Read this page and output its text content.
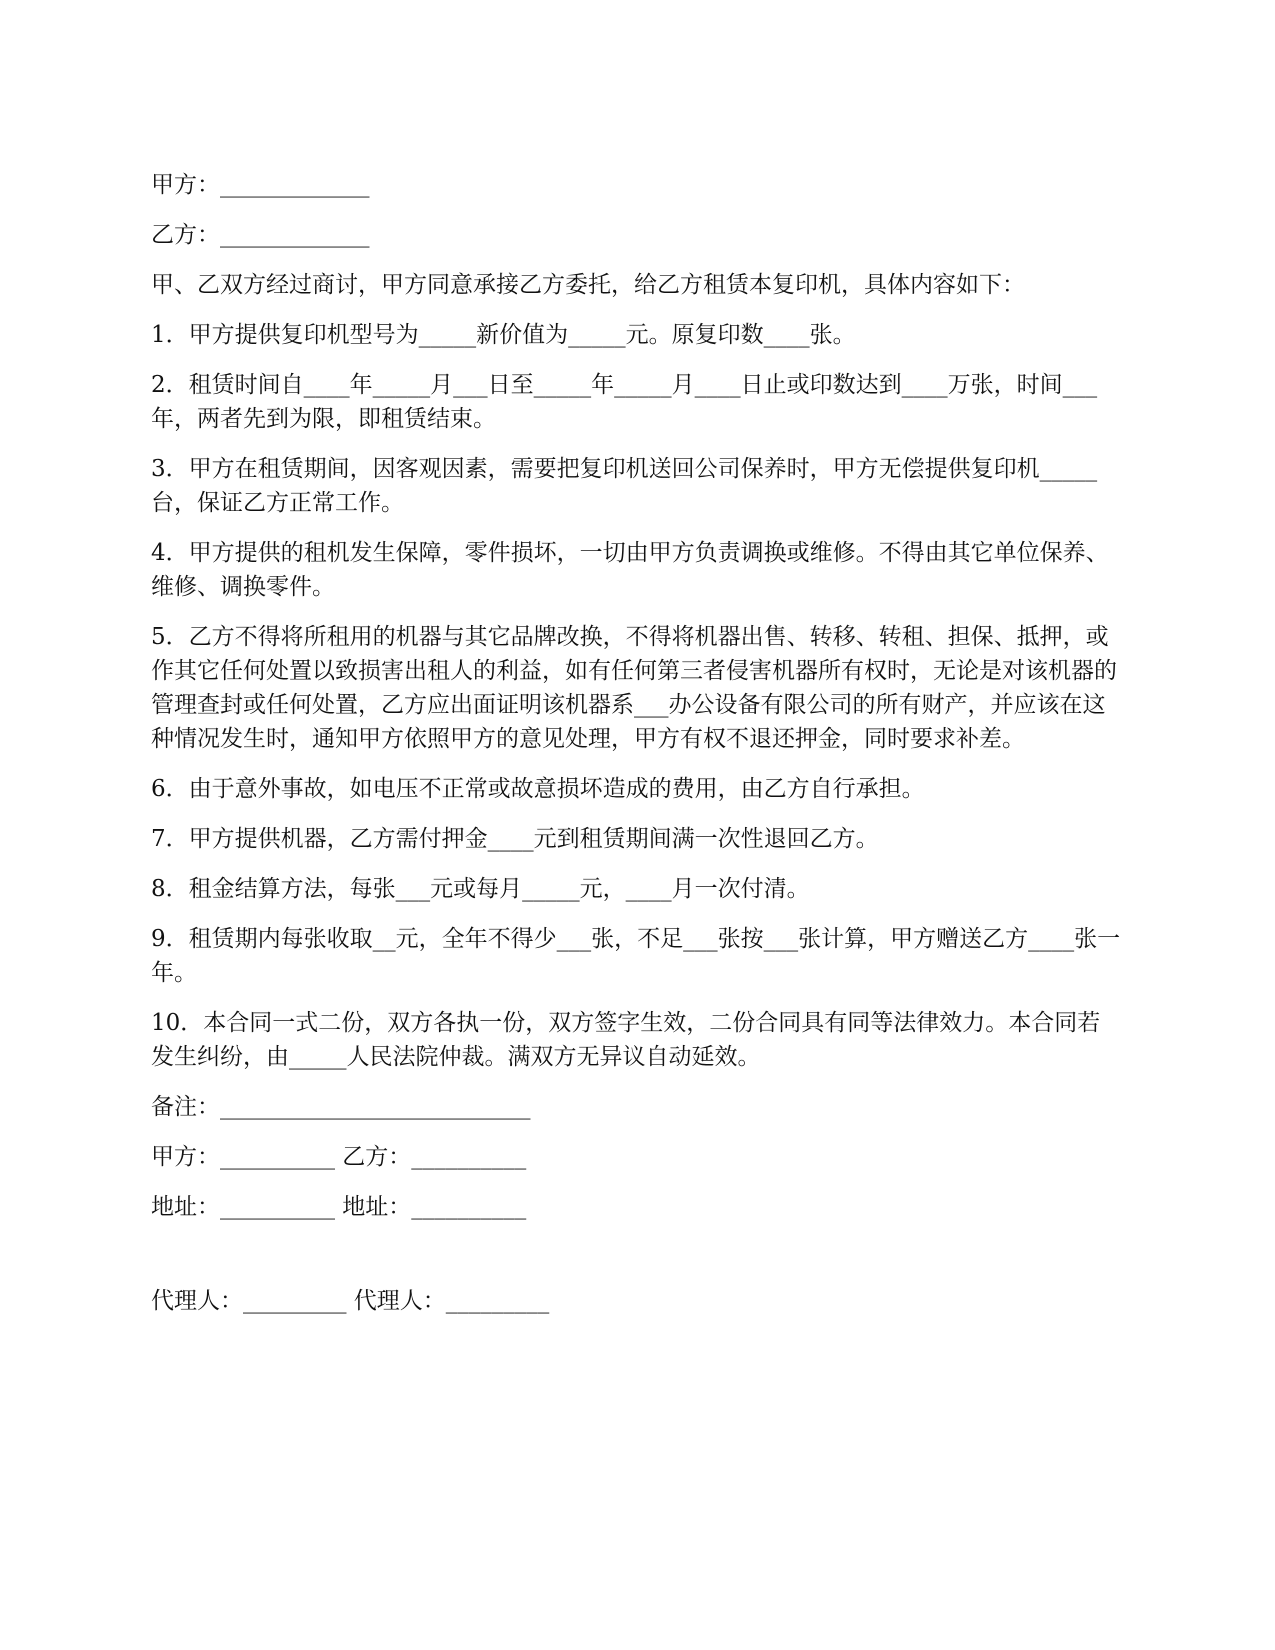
甲方：_____________

乙方：_____________

甲、乙双方经过商讨，甲方同意承接乙方委托，给乙方租赁本复印机，具体内容如下：

1．甲方提供复印机型号为_____新价值为_____元。原复印数____张。

2．租赁时间自____年_____月___日至_____年_____月____日止或印数达到____万张，时间___年，两者先到为限，即租赁结束。

3．甲方在租赁期间，因客观因素，需要把复印机送回公司保养时，甲方无偿提供复印机_____台，保证乙方正常工作。

4．甲方提供的租机发生保障，零件损坏，一切由甲方负责调换或维修。不得由其它单位保养、维修、调换零件。

5．乙方不得将所租用的机器与其它品牌改换，不得将机器出售、转移、转租、担保、抵押，或作其它任何处置以致损害出租人的利益，如有任何第三者侵害机器所有权时，无论是对该机器的管理查封或任何处置，乙方应出面证明该机器系___办公设备有限公司的所有财产，并应该在这种情况发生时，通知甲方依照甲方的意见处理，甲方有权不退还押金，同时要求补差。

6．由于意外事故，如电压不正常或故意损坏造成的费用，由乙方自行承担。

7．甲方提供机器，乙方需付押金____元到租赁期间满一次性退回乙方。

8．租金结算方法，每张___元或每月_____元，____月一次付清。

9．租赁期内每张收取__元，全年不得少___张，不足___张按___张计算，甲方赠送乙方____张一年。

10．本合同一式二份，双方各执一份，双方签字生效，二份合同具有同等法律效力。本合同若发生纠纷，由_____人民法院仲裁。满双方无异议自动延效。

备注：___________________________

甲方：__________ 乙方：__________

地址：__________ 地址：__________

代理人：_________ 代理人：_________
